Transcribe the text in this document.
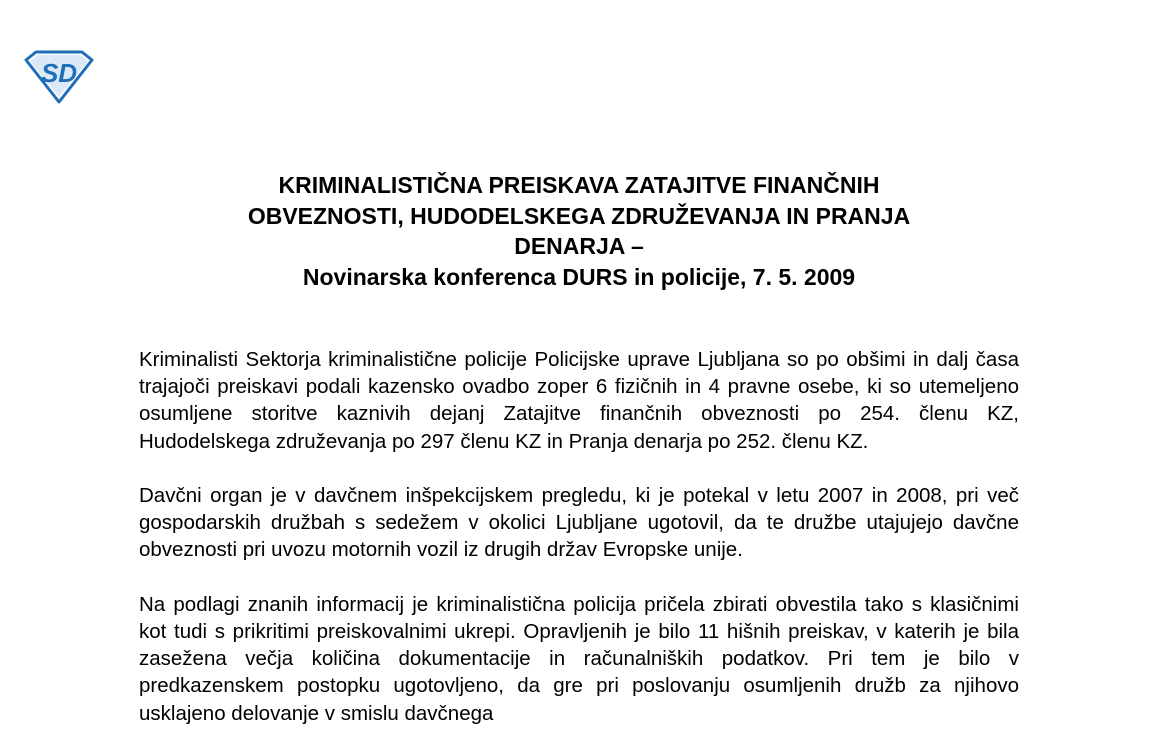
SD
KRIMINALISTIČNA PREISKAVA ZATAJITVE FINANČNIH
OBVEZNOSTI, HUDODELSKEGA ZDRUŽEVANJA IN PRANJA
DENARJA –
Novinarska konferenca DURS in policije, 7. 5. 2009

Kriminalisti Sektorja kriminalistične policije Policijske uprave Ljubljana so po obšimi in dalj časa trajajoči preiskavi podali kazensko ovadbo zoper 6 fizičnih in 4 pravne osebe, ki so utemeljeno osumljene storitve kaznivih dejanj Zatajitve finančnih obveznosti po 254. členu KZ, Hudodelskega združevanja po 297 členu KZ in Pranja denarja po 252. členu KZ.

Davčni organ je v davčnem inšpekcijskem pregledu, ki je potekal v letu 2007 in 2008, pri več gospodarskih družbah s sedežem v okolici Ljubljane ugotovil, da te družbe utajujejo davčne obveznosti pri uvozu motornih vozil iz drugih držav Evropske unije.

Na podlagi znanih informacij je kriminalistična policija pričela zbirati obvestila tako s klasičnimi kot tudi s prikritimi preiskovalnimi ukrepi. Opravljenih je bilo 11 hišnih preiskav, v katerih je bila zasežena večja količina dokumentacije in računalniških podatkov. Pri tem je bilo v predkazenskem postopku ugotovljeno, da gre pri poslovanju osumljenih družb za njihovo usklajeno delovanje v smislu davčnega
